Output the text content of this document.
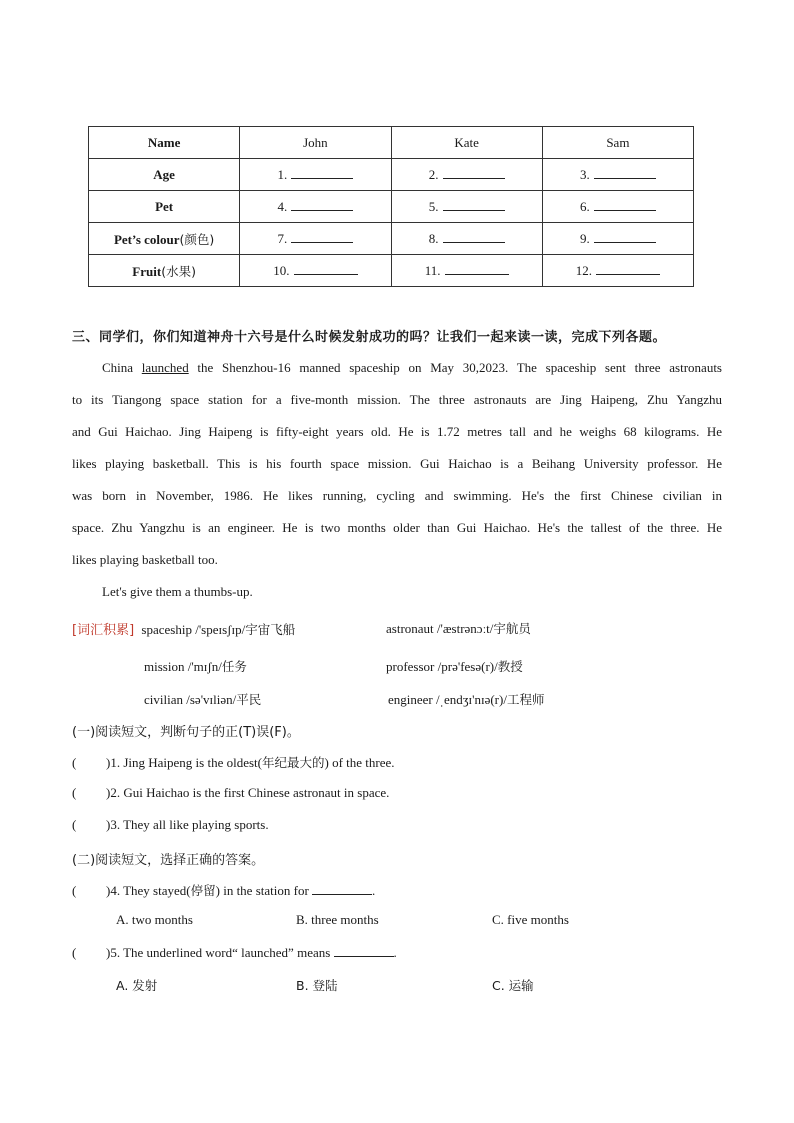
Name	John	Kate	Sam
Age	1.	2.	3.
Pet	4.	5.	6.
Pet’s colour(颜色)	7.	8.	9.
Fruit(水果)	10.	11.	12.
三、同学们，你们知道神舟十六号是什么时候发射成功的吗？让我们一起来读一读，完成下列各题。
China launched the Shenzhou-16 manned spaceship on May 30,2023. The spaceship sent three astronauts
to its Tiangong space station for a five-month mission. The three astronauts are Jing Haipeng, Zhu Yangzhu
and Gui Haichao. Jing Haipeng is fifty-eight years old. He is 1.72 metres tall and he weighs 68 kilograms. He
likes playing basketball. This is his fourth space mission. Gui Haichao is a Beihang University professor. He
was born in November, 1986. He likes running, cycling and swimming. He's the first Chinese civilian in
space. Zhu Yangzhu is an engineer. He is two months older than Gui Haichao. He's the tallest of the three. He
likes playing basketball too.
Let's give them a thumbs-up.
[词汇积累] spaceship /'speɪsʃɪp/宇宙飞船	astronaut /'æstrənɔːt/宇航员
mission /'mɪʃn/任务	professor /prə'fesə(r)/教授
civilian /sə'vɪliən/平民	engineer /ˌendʒɪ'nɪə(r)/工程师
(一)阅读短文，判断句子的正(T)误(F)。
( )1. Jing Haipeng is the oldest(年纪最大的) of the three.
( )2. Gui Haichao is the first Chinese astronaut in space.
( )3. They all like playing sports.
(二)阅读短文，选择正确的答案。
( )4. They stayed(停留) in the station for	.
A. two months	B. three months	C. five months
( )5. The underlined word“ launched” means	.
A. 发射	B. 登陆	C. 运输
